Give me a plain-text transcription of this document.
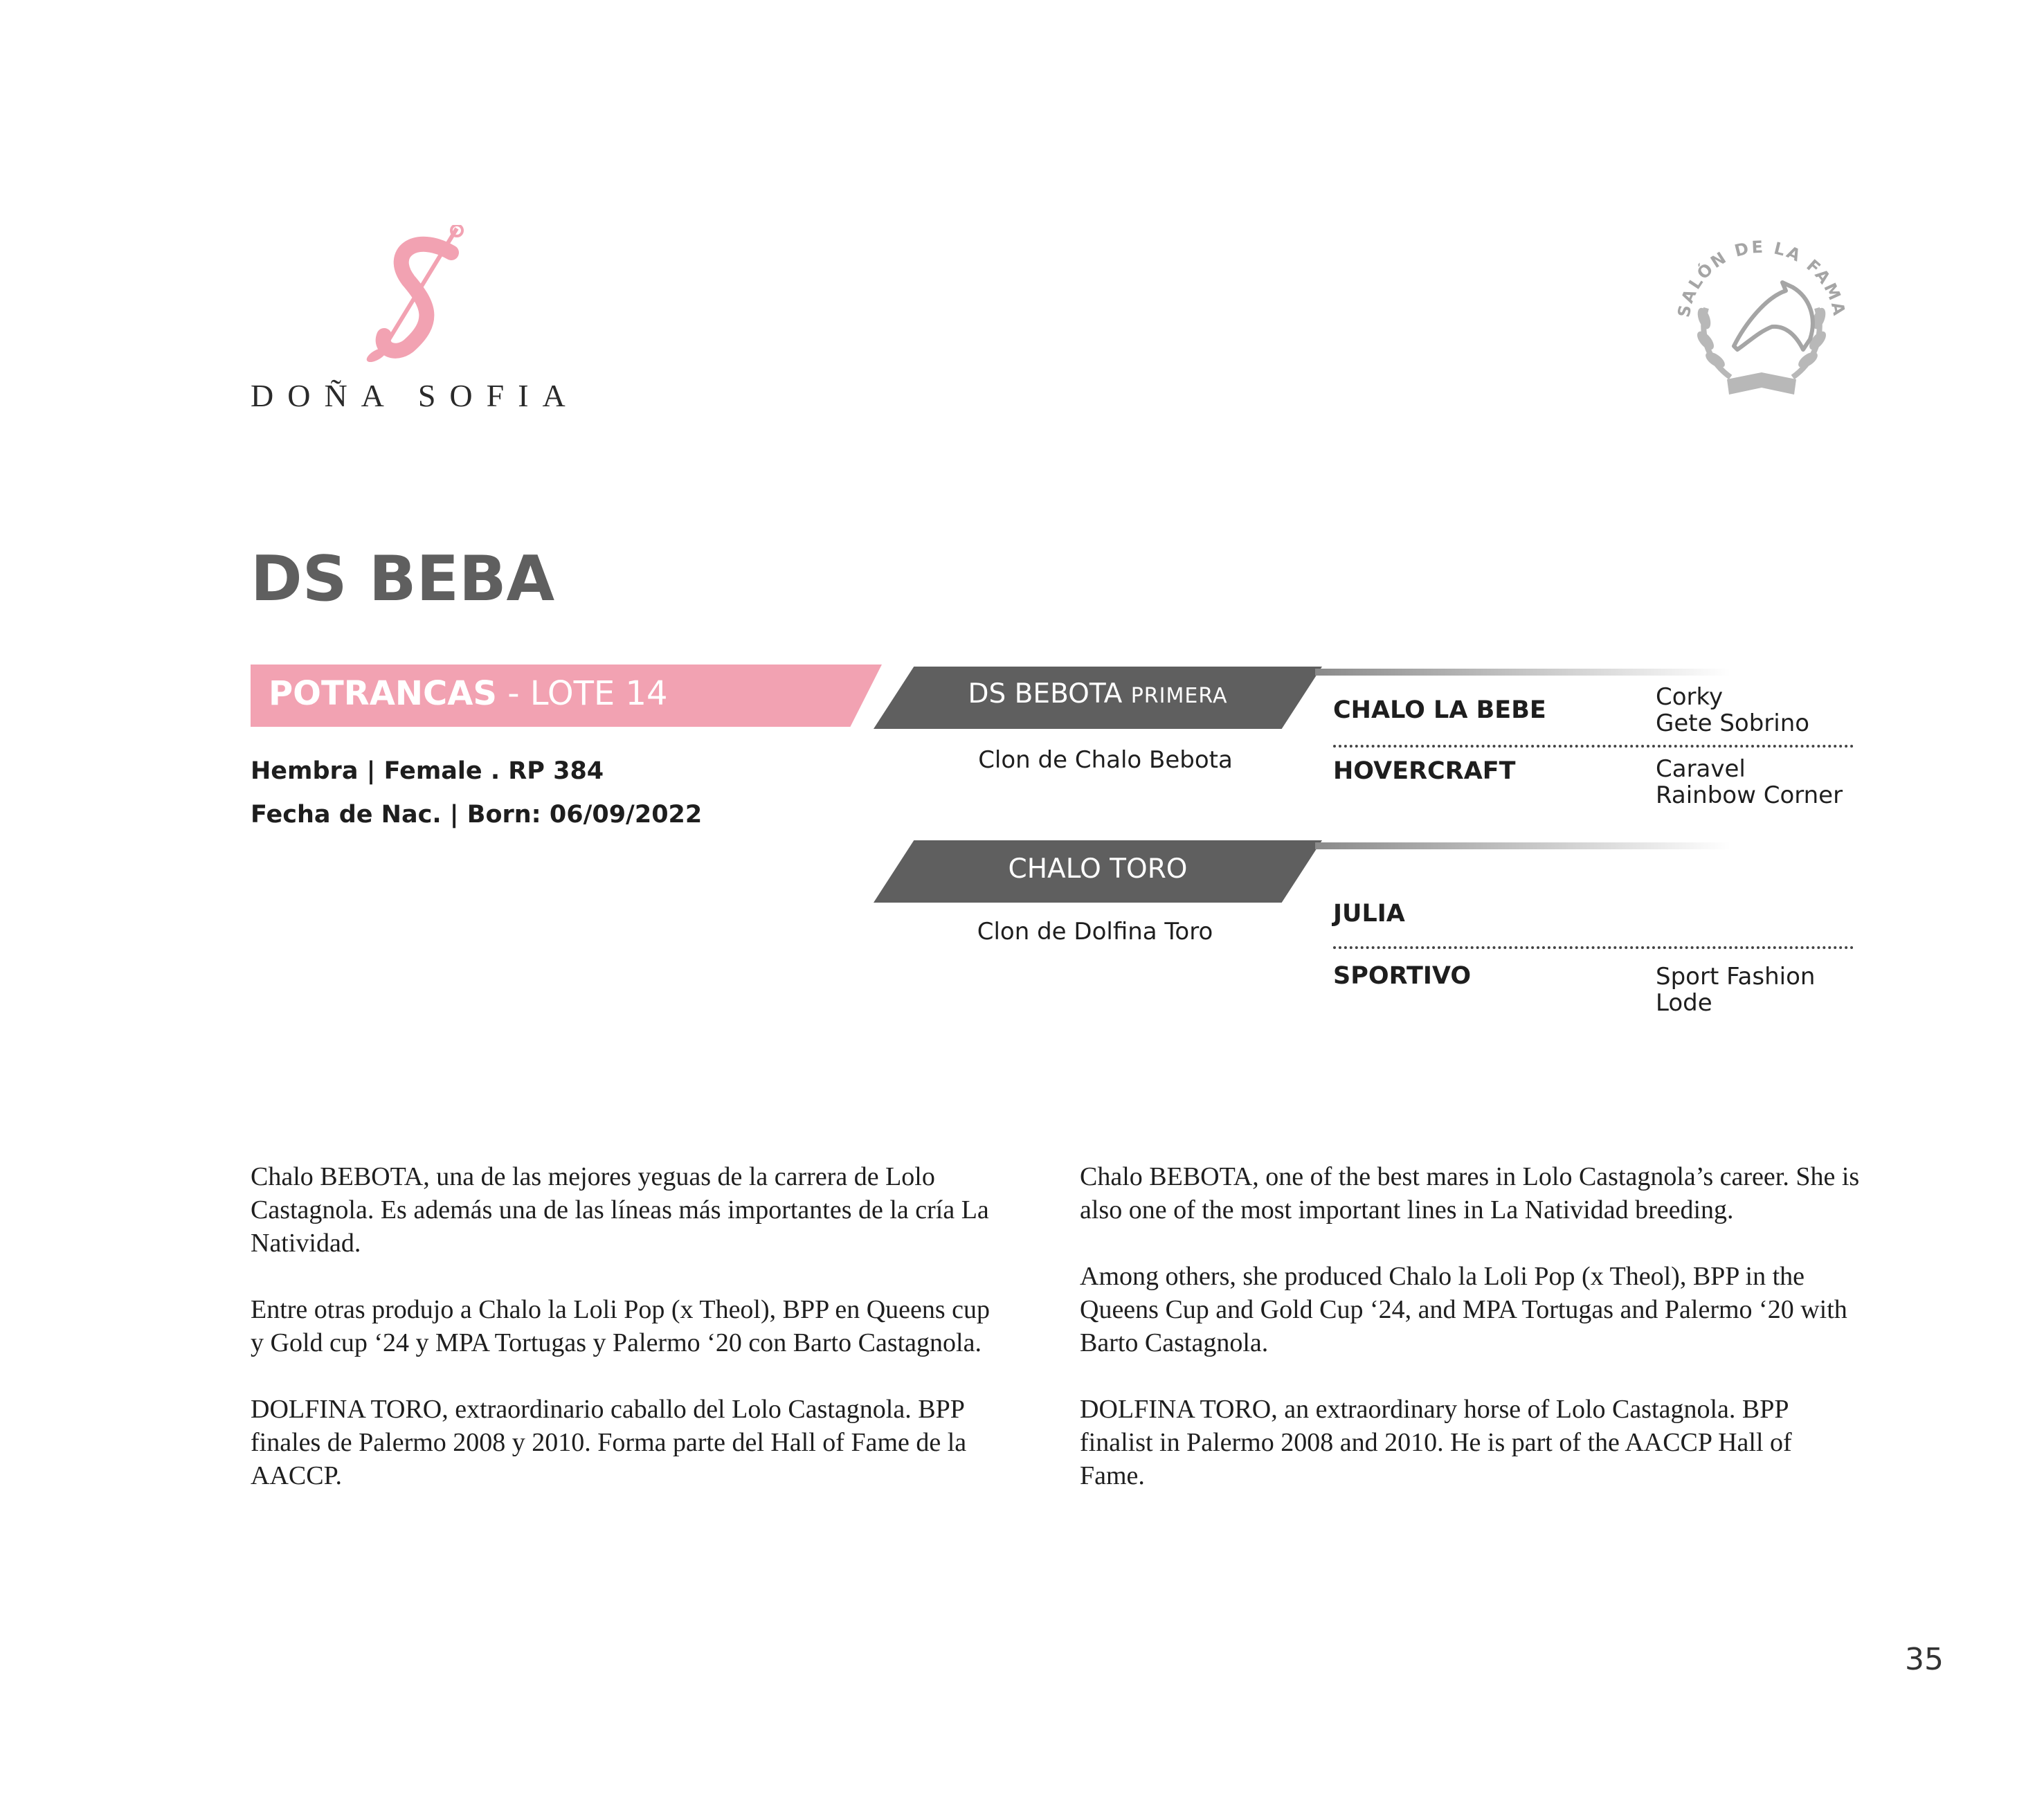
DOÑA SOFIA
SALÓN DE LA FAMA
DS BEBA
POTRANCAS - LOTE 14
Hembra | Female . RP 384
Fecha de Nac. | Born: 06/09/2022
DS BEBOTA PRIMERA
Clon de Chalo Bebota
CHALO TORO
Clon de Dolfina Toro
CHALO LA BEBE	Corky
Gete Sobrino
HOVERCRAFT	Caravel
Rainbow Corner
JULIA
SPORTIVO	Sport Fashion
Lode

Chalo BEBOTA, una de las mejores yeguas de la carrera de Lolo Castagnola. Es además una de las líneas más importantes de la cría La Natividad.

Entre otras produjo a Chalo la Loli Pop (x Theol), BPP en Queens cup y Gold cup ‘24 y MPA Tortugas y Palermo ‘20 con Barto Castagnola.

DOLFINA TORO, extraordinario caballo del Lolo Castagnola. BPP finales de Palermo 2008 y 2010. Forma parte del Hall of Fame de la AACCP.

Chalo BEBOTA, one of the best mares in Lolo Castagnola’s career. She is also one of the most important lines in La Natividad breeding.

Among others, she produced Chalo la Loli Pop (x Theol), BPP in the Queens Cup and Gold Cup ‘24, and MPA Tortugas and Palermo ‘20 with Barto Castagnola.

DOLFINA TORO, an extraordinary horse of Lolo Castagnola. BPP finalist in Palermo 2008 and 2010. He is part of the AACCP Hall of Fame.

35
